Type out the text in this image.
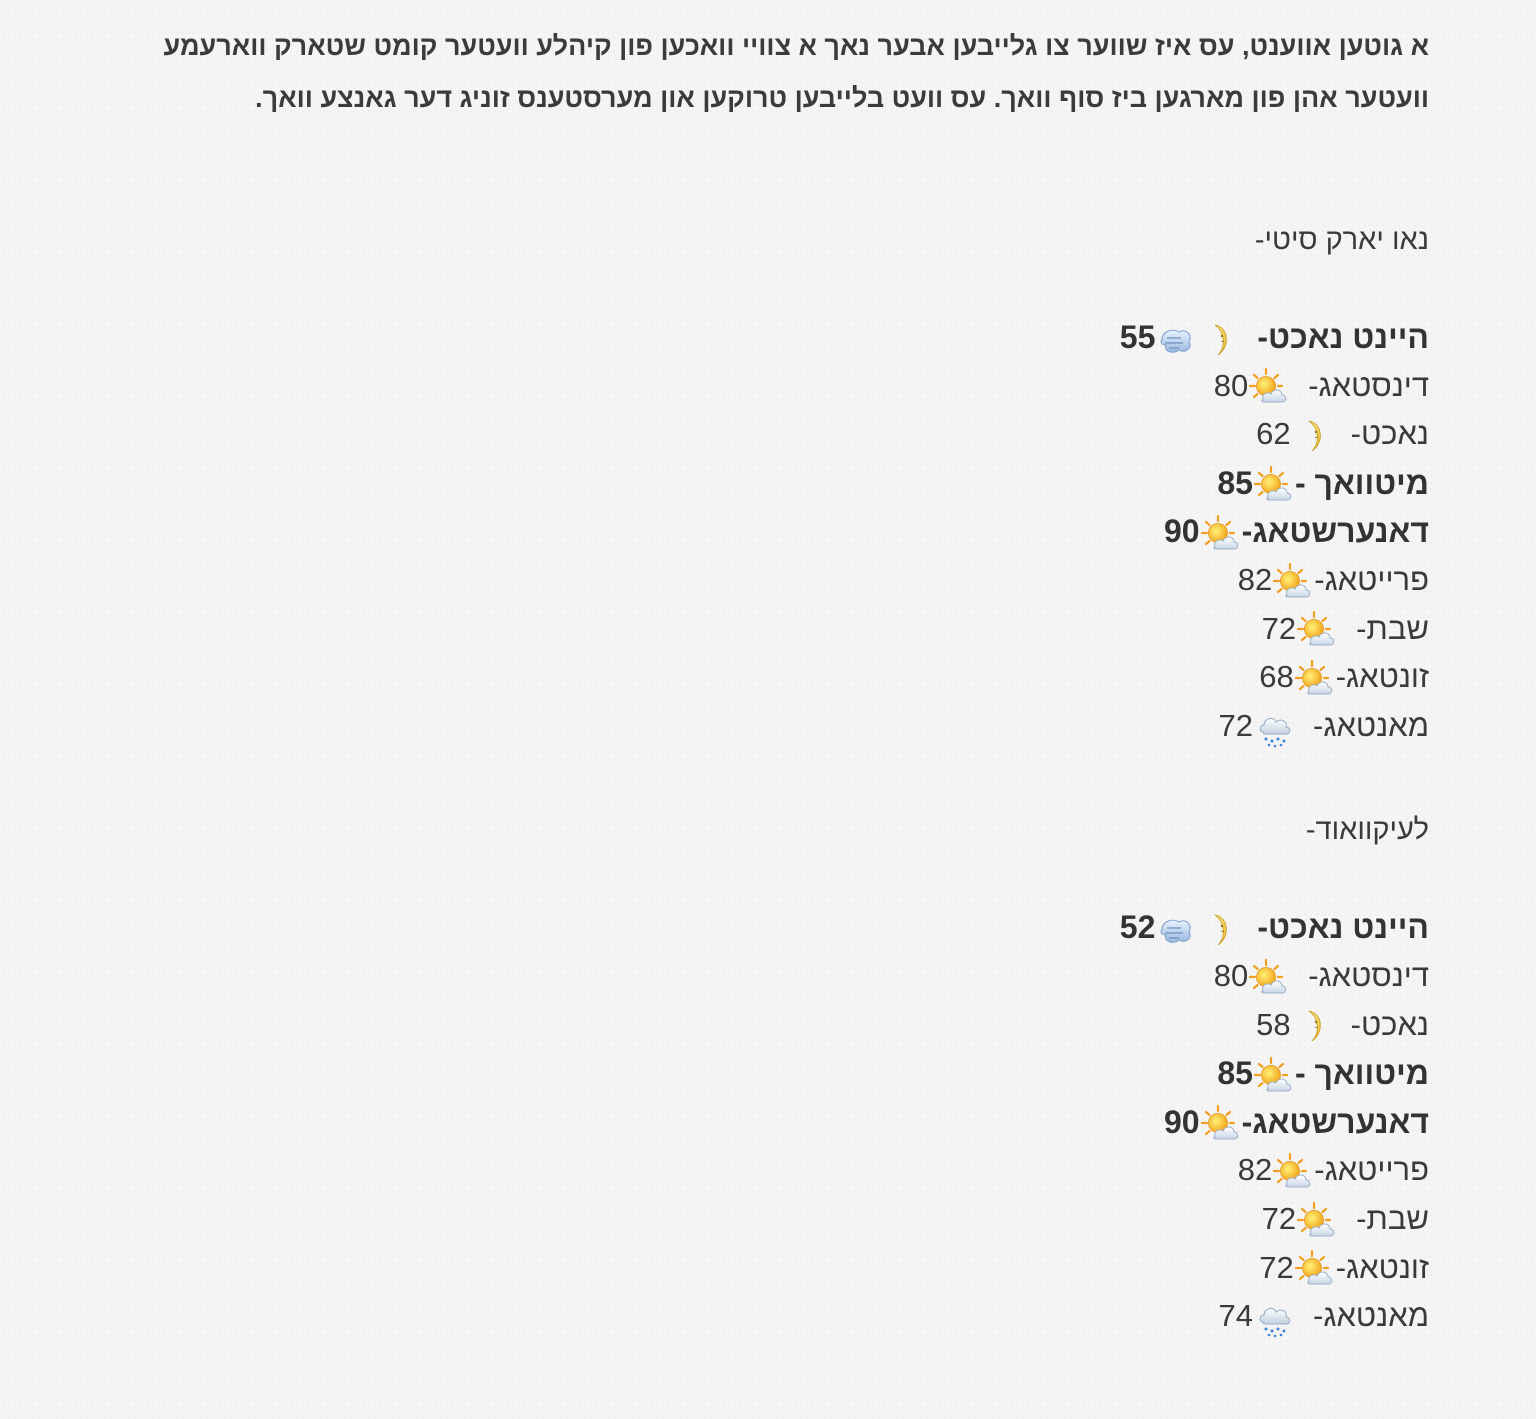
א גוטען אווענט, עס איז שווער צו גלייבען אבער נאך א צוויי וואכען פון קיהלע וועטער קומט שטארק ווארעמע וועטער אהן פון מארגען ביז סוף וואך. עס וועט בלייבען טרוקען און מערסטענס זוניג דער גאנצע וואך.

נאו יארק סיטי-

היינט נאכט-
55
דינסטאג-
80
נאכט-
62
מיטוואך -
85
דאנערשטאג-
90
פרייטאג-
82
שבת-
72
זונטאג-
68
מאנטאג-
72

לעיקוואוד-

היינט נאכט-
52
דינסטאג-
80
נאכט-
58
מיטוואך -
85
דאנערשטאג-
90
פרייטאג-
82
שבת-
72
זונטאג-
72
מאנטאג-
74
